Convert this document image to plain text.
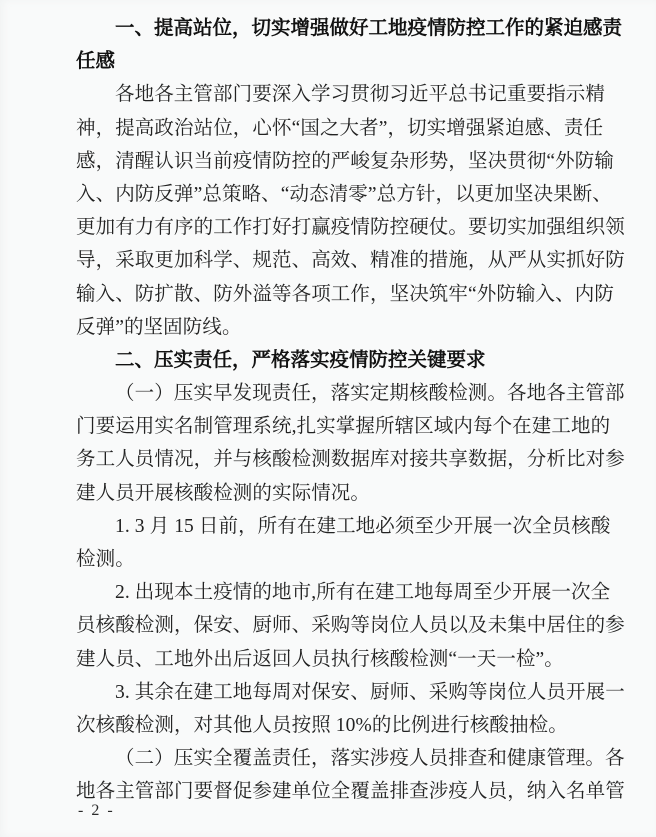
一、提高站位，切实增强做好工地疫情防控工作的紧迫感责
任感
各地各主管部门要深入学习贯彻习近平总书记重要指示精
神，提高政治站位，心怀“国之大者”，切实增强紧迫感、责任
感，清醒认识当前疫情防控的严峻复杂形势，坚决贯彻“外防输
入、内防反弹”总策略、“动态清零”总方针，以更加坚决果断、
更加有力有序的工作打好打赢疫情防控硬仗。要切实加强组织领
导，采取更加科学、规范、高效、精准的措施，从严从实抓好防
输入、防扩散、防外溢等各项工作，坚决筑牢“外防输入、内防
反弹”的坚固防线。
二、压实责任，严格落实疫情防控关键要求
（一）压实早发现责任，落实定期核酸检测。各地各主管部
门要运用实名制管理系统,扎实掌握所辖区域内每个在建工地的
务工人员情况，并与核酸检测数据库对接共享数据，分析比对参
建人员开展核酸检测的实际情况。
1. 3 月 15 日前，所有在建工地必须至少开展一次全员核酸
检测。
2. 出现本土疫情的地市,所有在建工地每周至少开展一次全
员核酸检测，保安、厨师、采购等岗位人员以及未集中居住的参
建人员、工地外出后返回人员执行核酸检测“一天一检”。
3. 其余在建工地每周对保安、厨师、采购等岗位人员开展一
次核酸检测，对其他人员按照 10%的比例进行核酸抽检。
（二）压实全覆盖责任，落实涉疫人员排查和健康管理。各
地各主管部门要督促参建单位全覆盖排查涉疫人员，纳入名单管
- 2 -
